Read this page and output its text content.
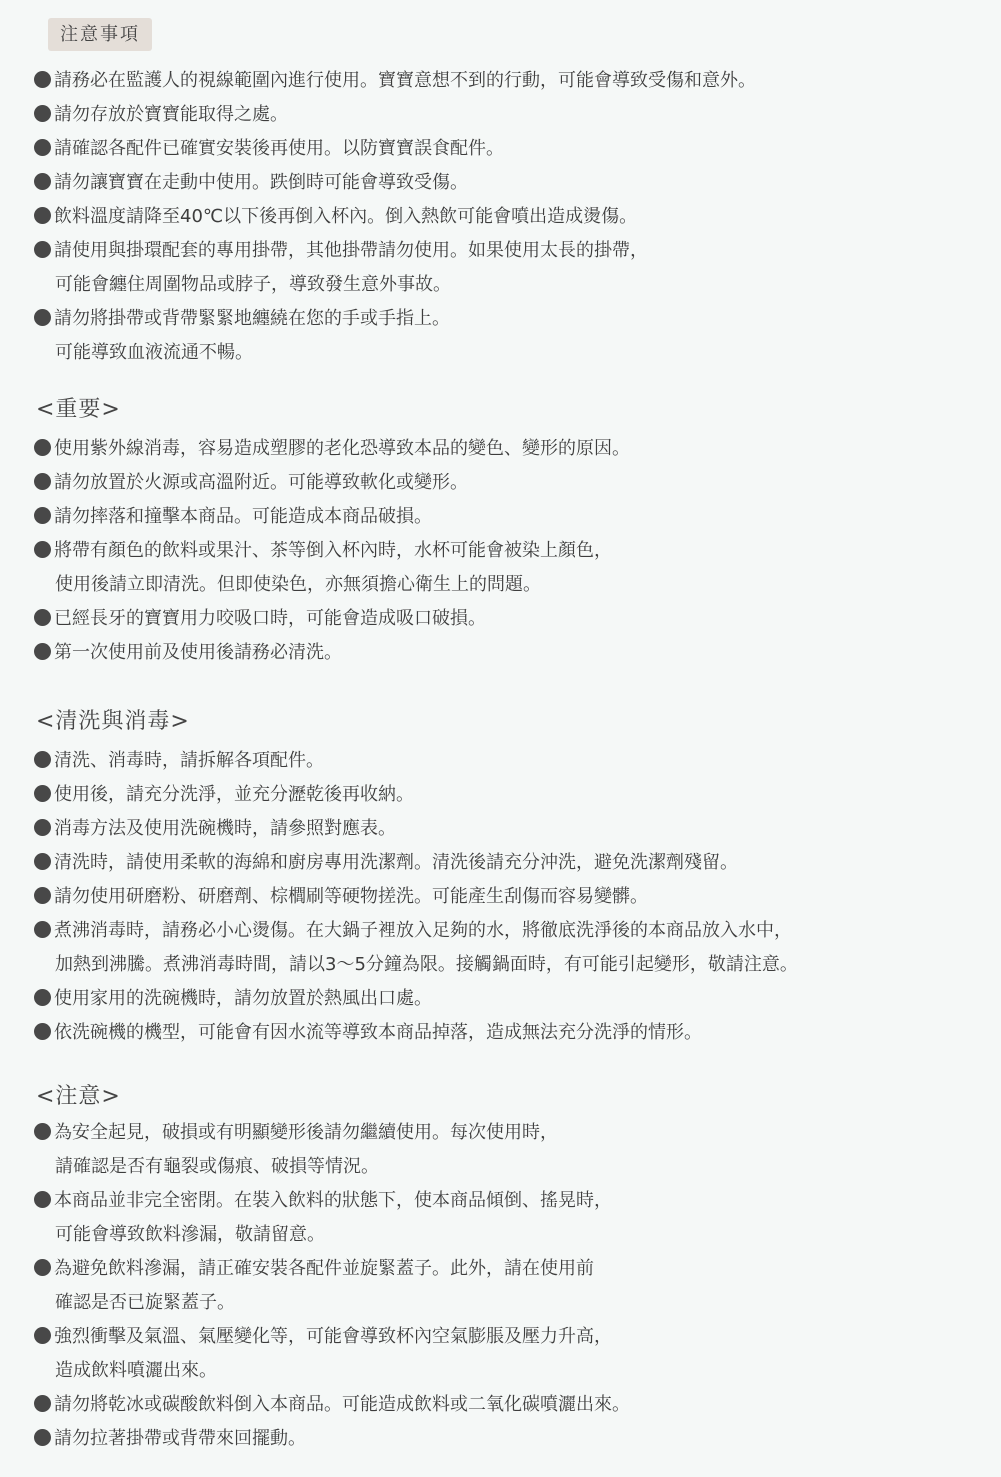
注意事項
請務必在監護人的視線範圍內進行使用。寶寶意想不到的行動，可能會導致受傷和意外。
請勿存放於寶寶能取得之處。
請確認各配件已確實安裝後再使用。以防寶寶誤食配件。
請勿讓寶寶在走動中使用。跌倒時可能會導致受傷。
飲料溫度請降至40℃以下後再倒入杯內。倒入熱飲可能會噴出造成燙傷。
請使用與掛環配套的專用掛帶，其他掛帶請勿使用。如果使用太長的掛帶，
可能會纏住周圍物品或脖子，導致發生意外事故。
請勿將掛帶或背帶緊緊地纏繞在您的手或手指上。
可能導致血液流通不暢。
<重要>
使用紫外線消毒，容易造成塑膠的老化恐導致本品的變色、變形的原因。
請勿放置於火源或高溫附近。可能導致軟化或變形。
請勿摔落和撞擊本商品。可能造成本商品破損。
將帶有顏色的飲料或果汁、茶等倒入杯內時，水杯可能會被染上顏色，
使用後請立即清洗。但即使染色，亦無須擔心衛生上的問題。
已經長牙的寶寶用力咬吸口時，可能會造成吸口破損。
第一次使用前及使用後請務必清洗。
<清洗與消毒>
清洗、消毒時，請拆解各項配件。
使用後，請充分洗淨，並充分瀝乾後再收納。
消毒方法及使用洗碗機時，請參照對應表。
清洗時，請使用柔軟的海綿和廚房專用洗潔劑。清洗後請充分沖洗，避免洗潔劑殘留。
請勿使用研磨粉、研磨劑、棕櫚刷等硬物搓洗。可能產生刮傷而容易變髒。
煮沸消毒時，請務必小心燙傷。在大鍋子裡放入足夠的水，將徹底洗淨後的本商品放入水中，
加熱到沸騰。煮沸消毒時間，請以3〜5分鐘為限。接觸鍋面時，有可能引起變形，敬請注意。
使用家用的洗碗機時，請勿放置於熱風出口處。
依洗碗機的機型，可能會有因水流等導致本商品掉落，造成無法充分洗淨的情形。
<注意>
為安全起見，破損或有明顯變形後請勿繼續使用。每次使用時，
請確認是否有龜裂或傷痕、破損等情況。
本商品並非完全密閉。在裝入飲料的狀態下，使本商品傾倒、搖晃時，
可能會導致飲料滲漏，敬請留意。
為避免飲料滲漏，請正確安裝各配件並旋緊蓋子。此外，請在使用前
確認是否已旋緊蓋子。
強烈衝擊及氣溫、氣壓變化等，可能會導致杯內空氣膨脹及壓力升高，
造成飲料噴灑出來。
請勿將乾冰或碳酸飲料倒入本商品。可能造成飲料或二氧化碳噴灑出來。
請勿拉著掛帶或背帶來回擺動。
